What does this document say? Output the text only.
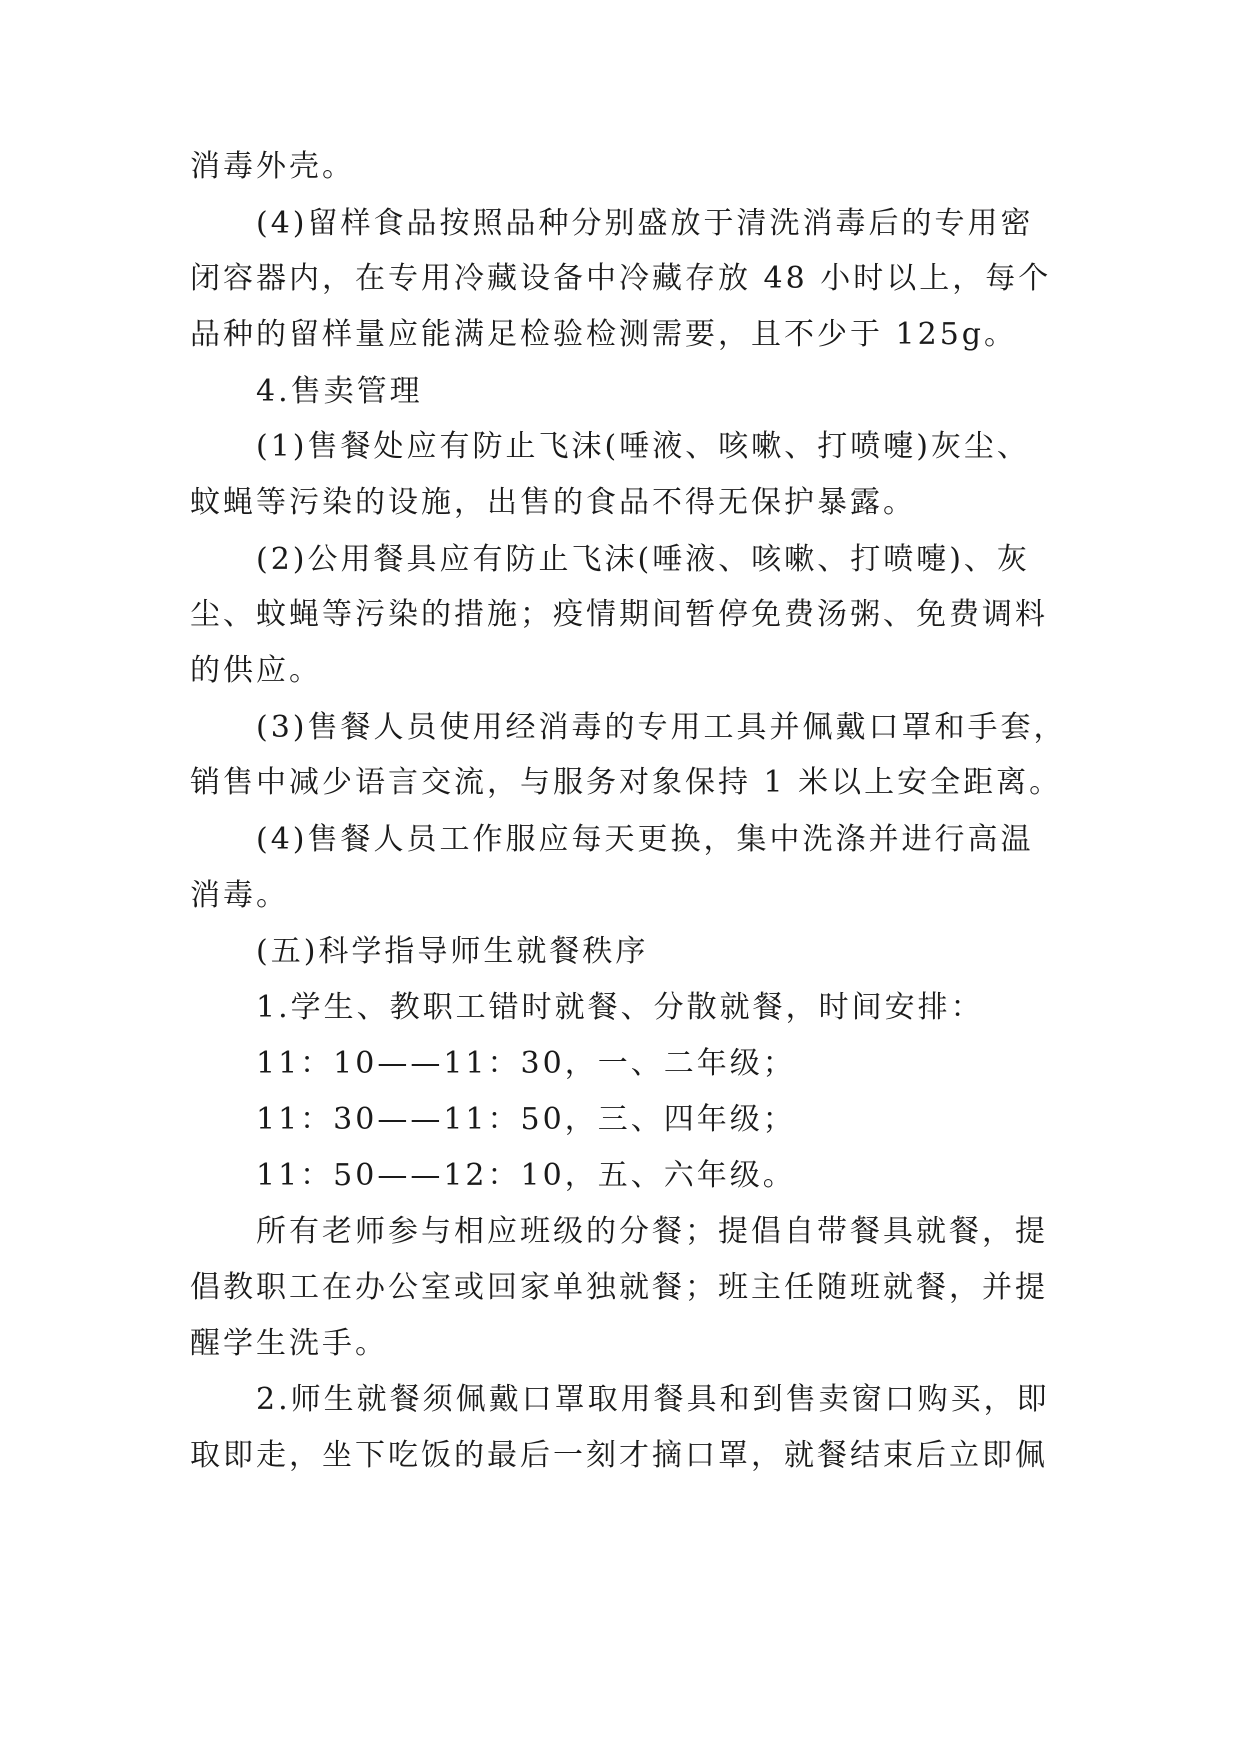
消毒外壳。
(4)留样食品按照品种分别盛放于清洗消毒后的专用密
闭容器内，在专用冷藏设备中冷藏存放 48 小时以上，每个
品种的留样量应能满足检验检测需要，且不少于 125g。
4.售卖管理
(1)售餐处应有防止飞沫(唾液、咳嗽、打喷嚏)灰尘、
蚊蝇等污染的设施，出售的食品不得无保护暴露。
(2)公用餐具应有防止飞沫(唾液、咳嗽、打喷嚏)、灰
尘、蚊蝇等污染的措施；疫情期间暂停免费汤粥、免费调料
的供应。
(3)售餐人员使用经消毒的专用工具并佩戴口罩和手套，
销售中减少语言交流，与服务对象保持 1 米以上安全距离。
(4)售餐人员工作服应每天更换，集中洗涤并进行高温
消毒。
(五)科学指导师生就餐秩序
1.学生、教职工错时就餐、分散就餐，时间安排：
11：10——11：30，一、二年级；
11：30——11：50，三、四年级；
11：50——12：10，五、六年级。
所有老师参与相应班级的分餐；提倡自带餐具就餐，提
倡教职工在办公室或回家单独就餐；班主任随班就餐，并提
醒学生洗手。
2.师生就餐须佩戴口罩取用餐具和到售卖窗口购买，即
取即走，坐下吃饭的最后一刻才摘口罩，就餐结束后立即佩
